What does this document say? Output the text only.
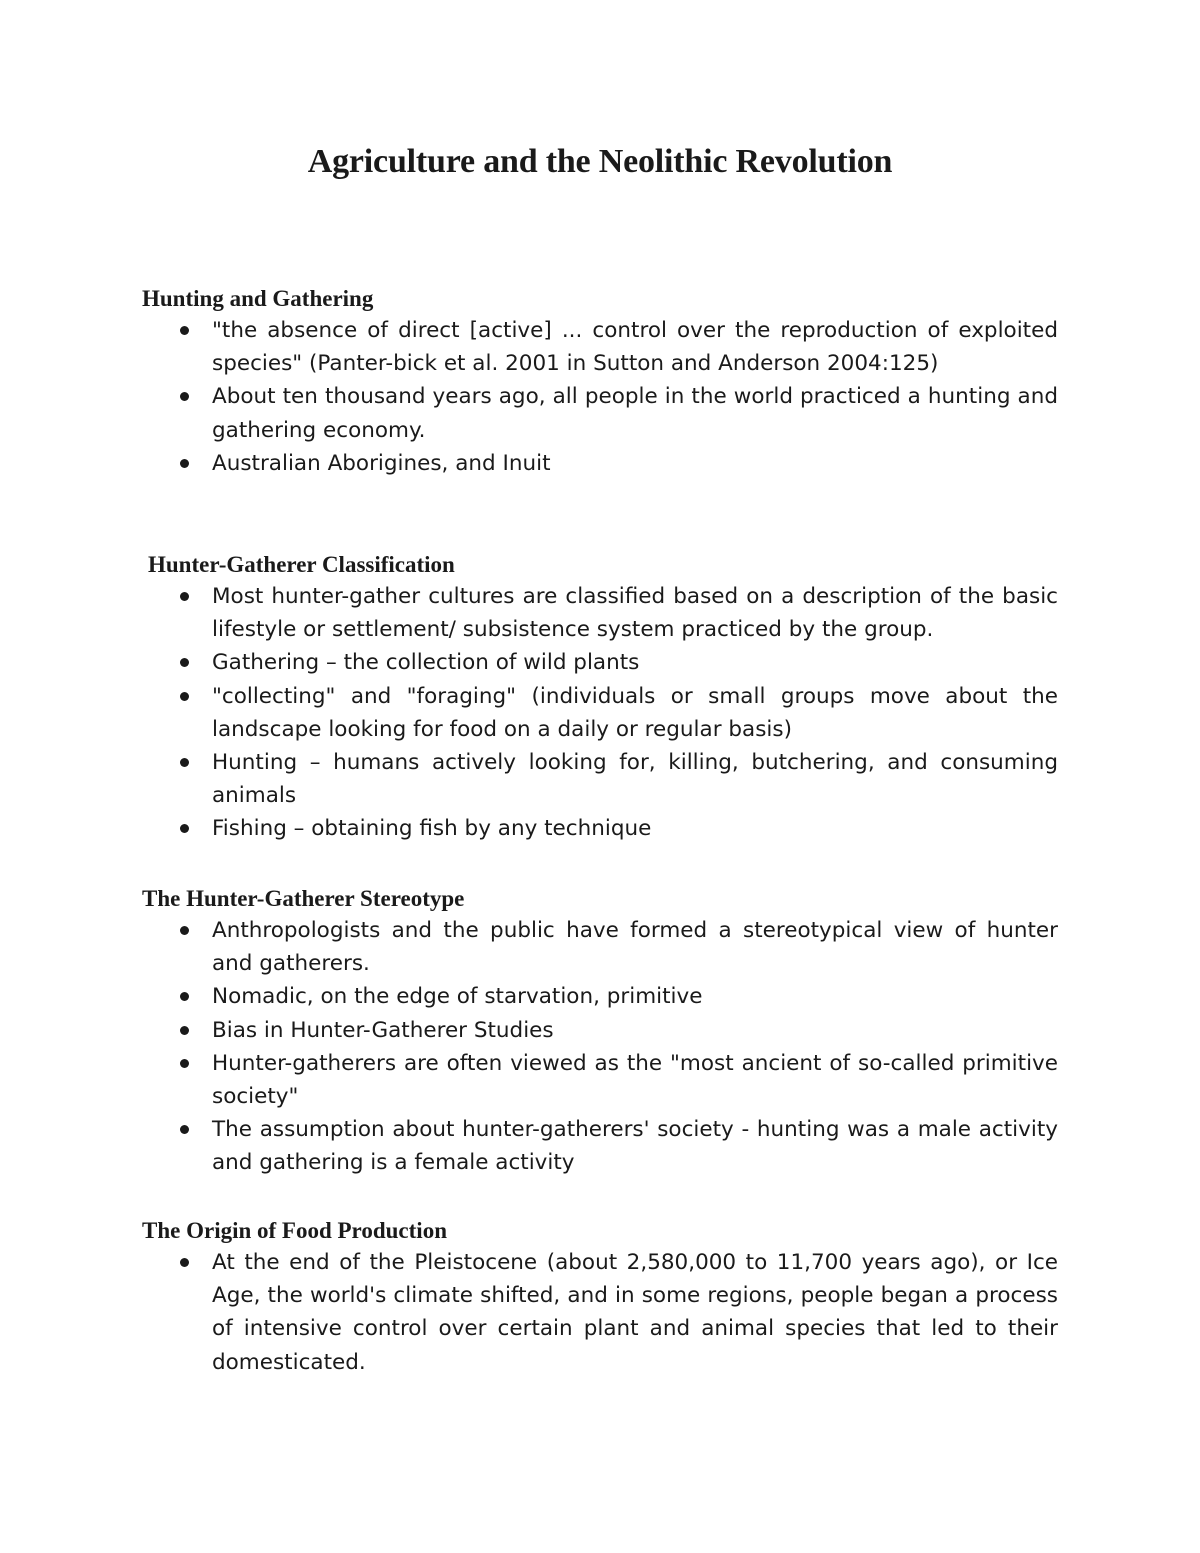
Agriculture and the Neolithic Revolution
Hunting and Gathering
"the absence of direct [active] ... control over the reproduction of exploited species" (Panter-bick et al. 2001 in Sutton and Anderson 2004:125)
About ten thousand years ago, all people in the world practiced a hunting and gathering economy.
Australian Aborigines, and Inuit
Hunter-Gatherer Classification
Most hunter-gather cultures are classified based on a description of the basic lifestyle or settlement/ subsistence system practiced by the group.
Gathering – the collection of wild plants
"collecting" and "foraging" (individuals or small groups move about the landscape looking for food on a daily or regular basis)
Hunting – humans actively looking for, killing, butchering, and consuming animals
Fishing – obtaining fish by any technique
The Hunter-Gatherer Stereotype
Anthropologists and the public have formed a stereotypical view of hunter and gatherers.
Nomadic, on the edge of starvation, primitive
Bias in Hunter-Gatherer Studies
Hunter-gatherers are often viewed as the "most ancient of so-called primitive society"
The assumption about hunter-gatherers' society - hunting was a male activity and gathering is a female activity
The Origin of Food Production
At the end of the Pleistocene (about 2,580,000 to 11,700 years ago), or Ice Age, the world's climate shifted, and in some regions, people began a process of intensive control over certain plant and animal species that led to their domesticated.
